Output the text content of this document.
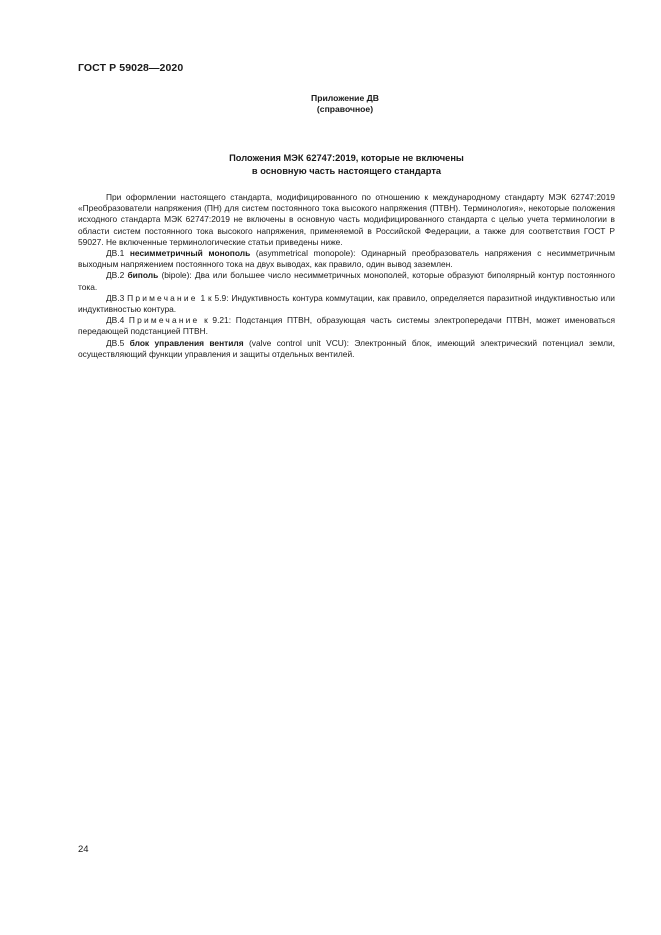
ГОСТ Р 59028—2020
Приложение ДВ
(справочное)
Положения МЭК 62747:2019, которые не включены
в основную часть настоящего стандарта

При оформлении настоящего стандарта, модифицированного по отношению к международному стандарту МЭК 62747:2019 «Преобразователи напряжения (ПН) для систем постоянного тока высокого напряжения (ПТВН). Терминология», некоторые положения исходного стандарта МЭК 62747:2019 не включены в основную часть модифицированного стандарта с целью учета терминологии в области систем постоянного тока высокого напряжения, применяемой в Российской Федерации, а также для соответствия ГОСТ Р 59027. Не включенные терминологические статьи приведены ниже.

ДВ.1 несимметричный монополь (asymmetrical monopole): Одинарный преобразователь напряжения с несимметричным выходным напряжением постоянного тока на двух выводах, как правило, один вывод заземлен.

ДВ.2 биполь (bipole): Два или большее число несимметричных монополей, которые образуют биполярный контур постоянного тока.

ДВ.3 Примечание 1 к 5.9: Индуктивность контура коммутации, как правило, определяется паразитной индуктивностью или индуктивностью контура.

ДВ.4 Примечание к 9.21: Подстанция ПТВН, образующая часть системы электропередачи ПТВН, может именоваться передающей подстанцией ПТВН.

ДВ.5 блок управления вентиля (valve control unit VCU): Электронный блок, имеющий электрический потенциал земли, осуществляющий функции управления и защиты отдельных вентилей.

24
